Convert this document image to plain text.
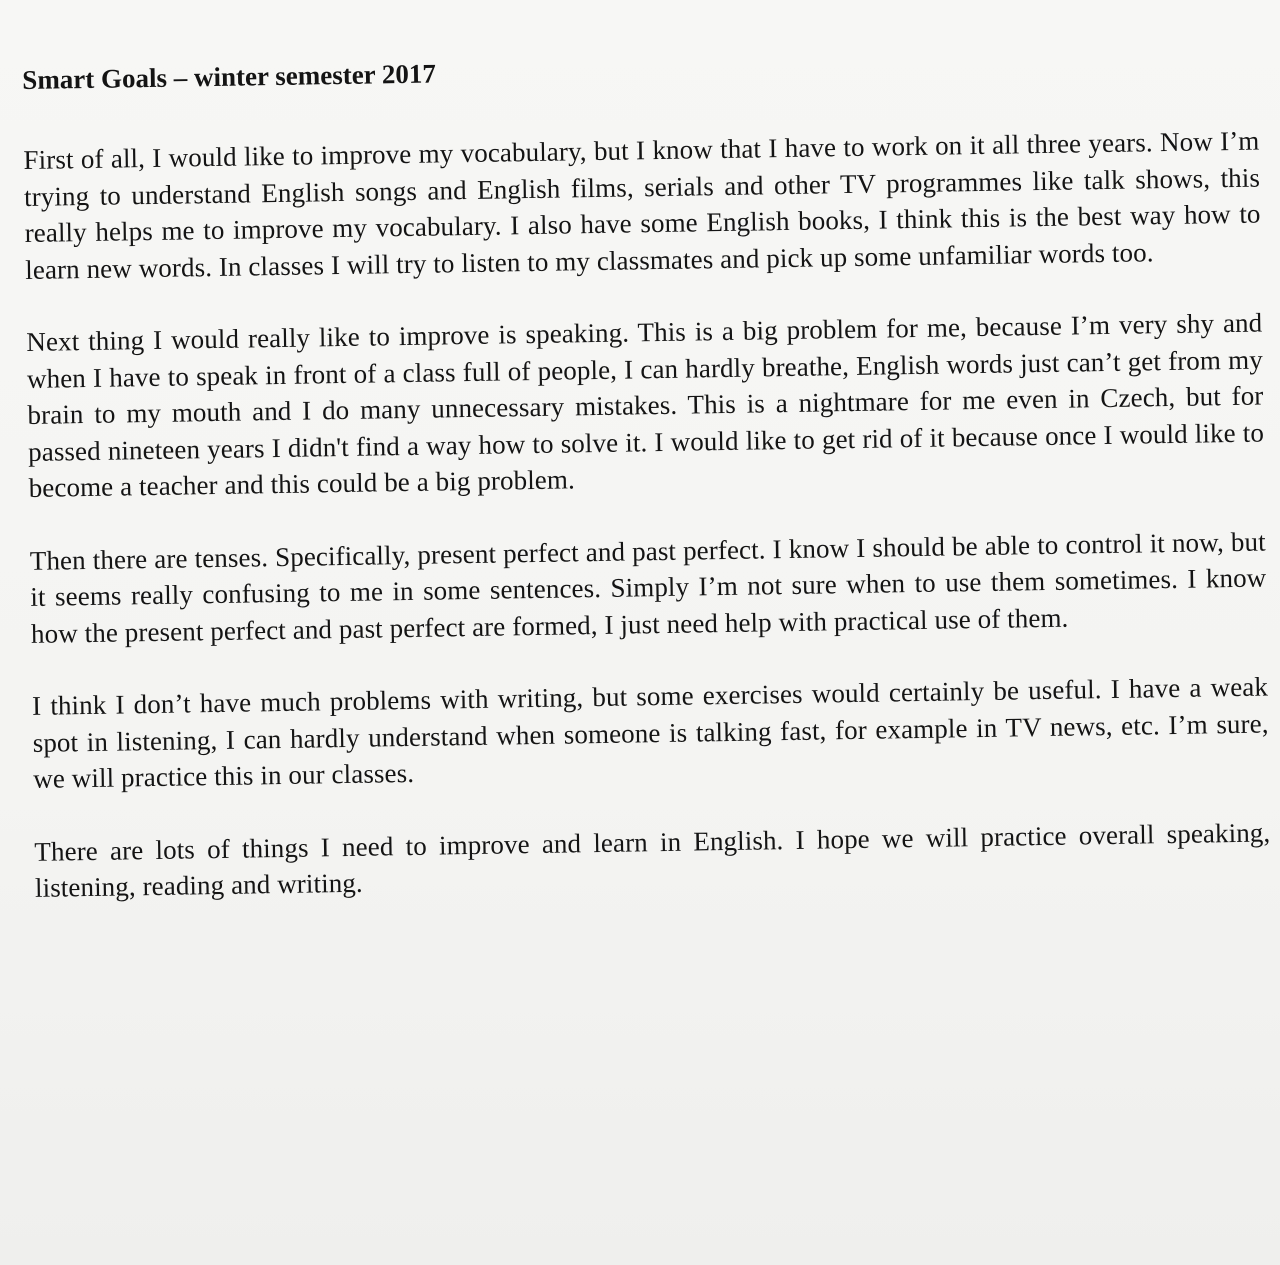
Smart Goals – winter semester 2017

First of all, I would like to improve my vocabulary, but I know that I have to work on it all three years. Now I’m trying to understand English songs and English films, serials and other TV programmes like talk shows, this really helps me to improve my vocabulary. I also have some English books, I think this is the best way how to learn new words. In classes I will try to listen to my classmates and pick up some unfamiliar words too.

Next thing I would really like to improve is speaking. This is a big problem for me, because I’m very shy and when I have to speak in front of a class full of people, I can hardly breathe, English words just can’t get from my brain to my mouth and I do many unnecessary mistakes. This is a nightmare for me even in Czech, but for passed nineteen years I didn't find a way how to solve it. I would like to get rid of it because once I would like to become a teacher and this could be a big problem.

Then there are tenses. Specifically, present perfect and past perfect. I know I should be able to control it now, but it seems really confusing to me in some sentences. Simply I’m not sure when to use them sometimes. I know how the present perfect and past perfect are formed, I just need help with practical use of them.

I think I don’t have much problems with writing, but some exercises would certainly be useful. I have a weak spot in listening, I can hardly understand when someone is talking fast, for example in TV news, etc. I’m sure, we will practice this in our classes.

There are lots of things I need to improve and learn in English. I hope we will practice overall speaking, listening, reading and writing.
